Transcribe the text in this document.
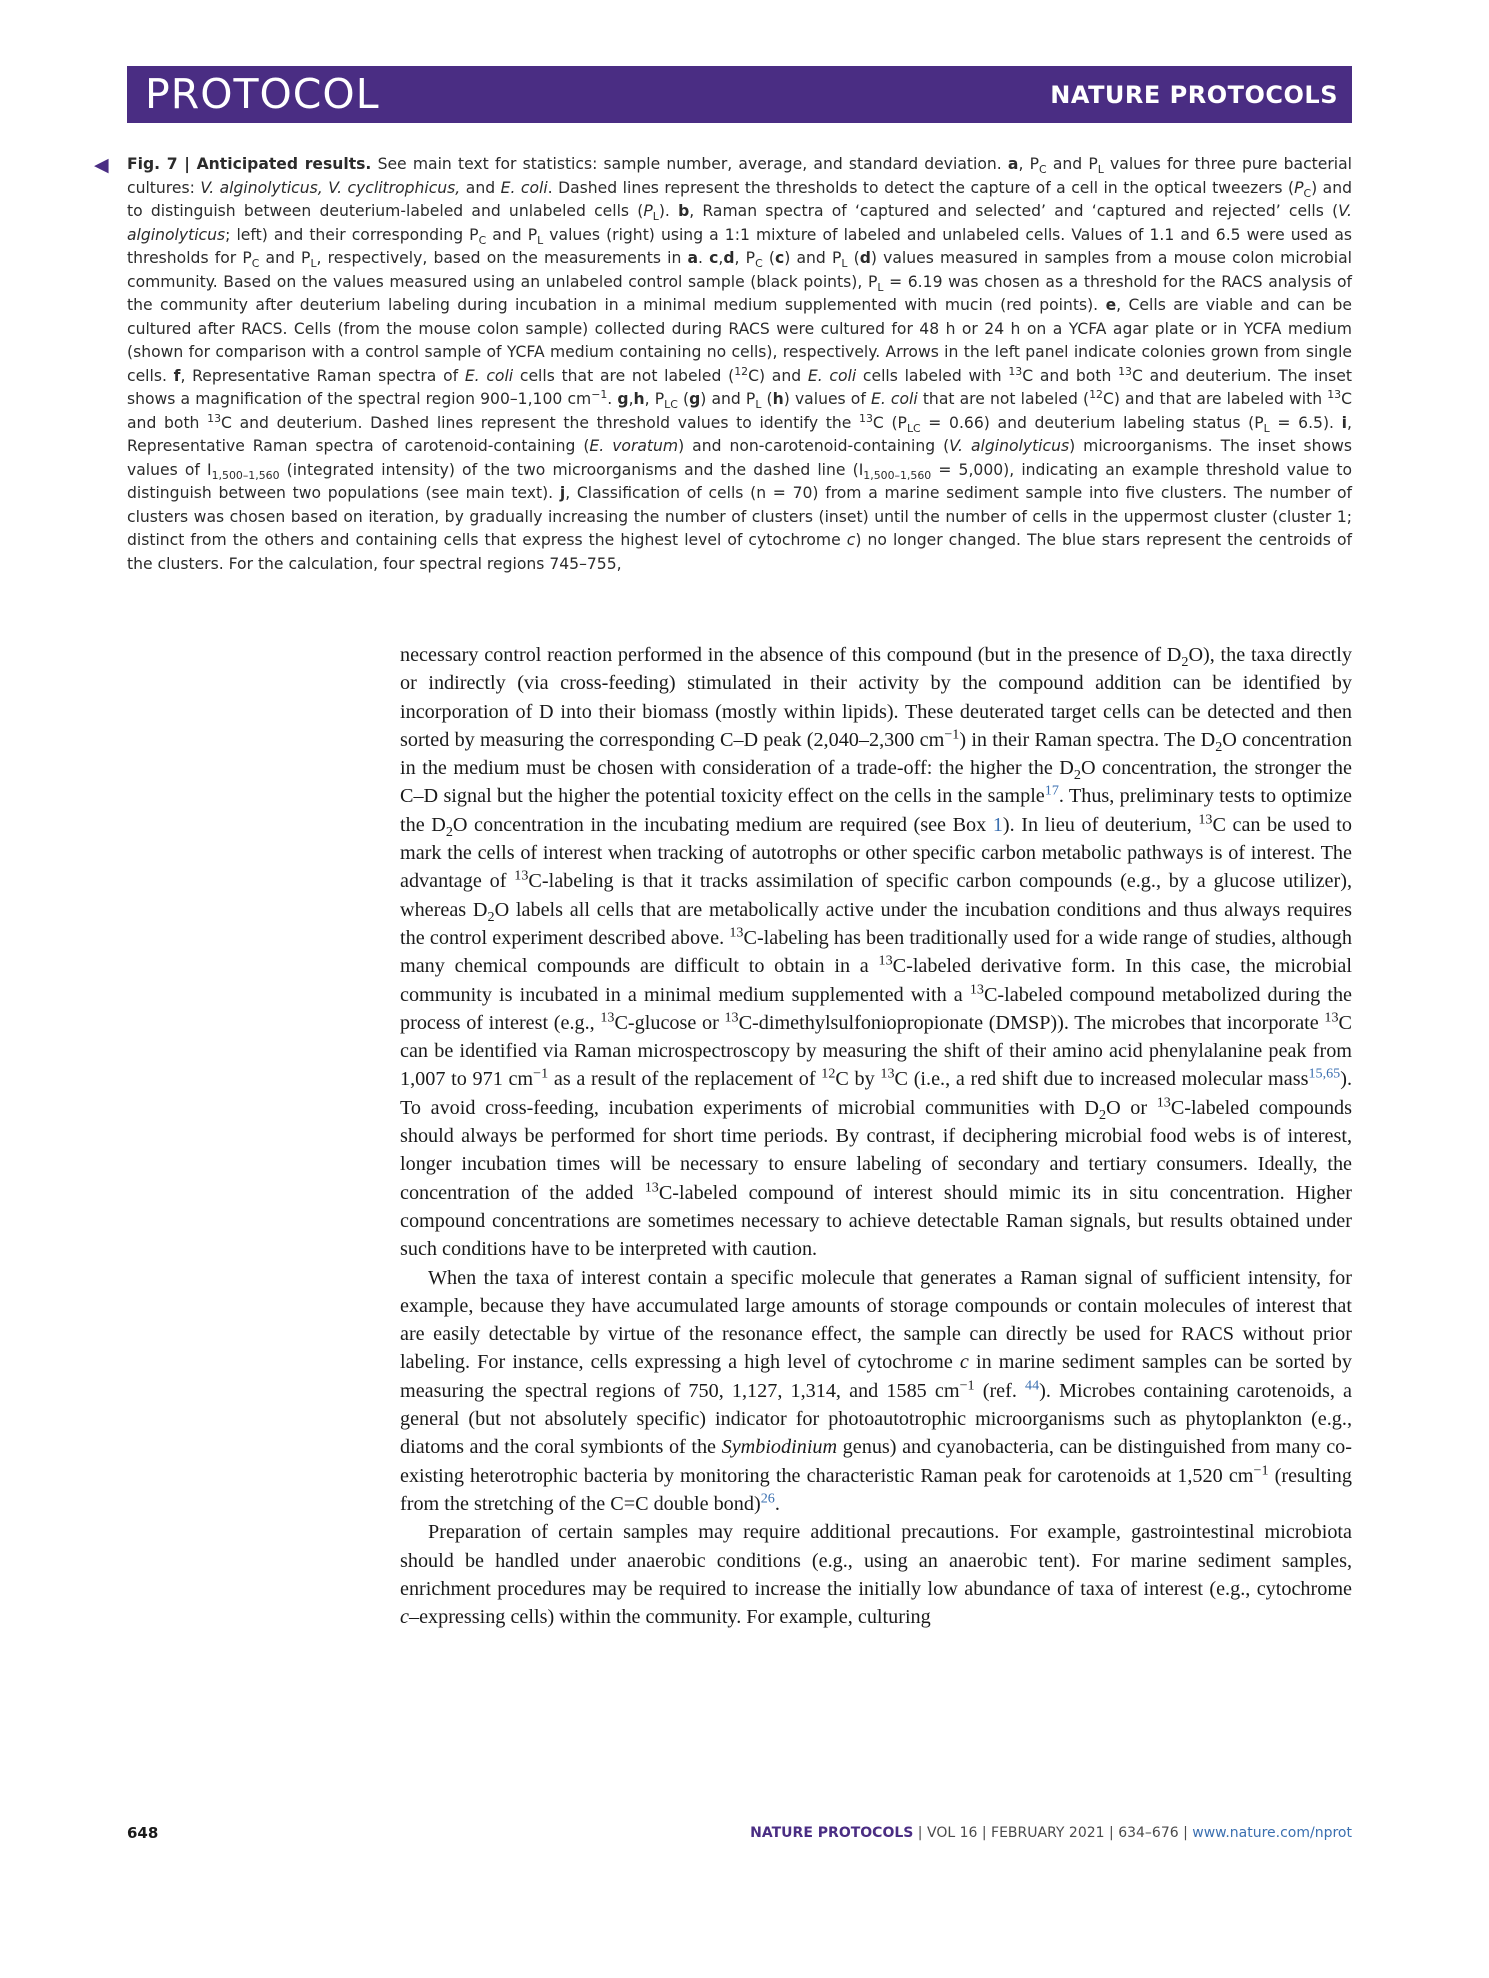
PROTOCOL	NATURE PROTOCOLS
◀ Fig. 7 | Anticipated results. See main text for statistics: sample number, average, and standard deviation. a, $P_C$ and $P_L$ values for three pure bacterial cultures: V. alginolyticus, V. cyclitrophicus, and E. coli. Dashed lines represent the thresholds to detect the capture of a cell in the optical tweezers $(P_C)$ and to distinguish between deuterium-labeled and unlabeled cells $(P_L)$. b, Raman spectra of ‘captured and selected’ and ‘captured and rejected’ cells (V. alginolyticus; left) and their corresponding $P_C$ and $P_L$ values (right) using a 1:1 mixture of labeled and unlabeled cells. Values of 1.1 and 6.5 were used as thresholds for $P_C$ and $P_L$, respectively, based on the measurements in a. c,d, $P_C$ (c) and $P_L$ (d) values measured in samples from a mouse colon microbial community. Based on the values measured using an unlabeled control sample (black points), $P_L = 6.19$ was chosen as a threshold for the RACS analysis of the community after deuterium labeling during incubation in a minimal medium supplemented with mucin (red points). e, Cells are viable and can be cultured after RACS. Cells (from the mouse colon sample) collected during RACS were cultured for 48 h or 24 h on a YCFA agar plate or in YCFA medium (shown for comparison with a control sample of YCFA medium containing no cells), respectively. Arrows in the left panel indicate colonies grown from single cells. f, Representative Raman spectra of E. coli cells that are not labeled ($^{12}$C) and E. coli cells labeled with $^{13}$C and both $^{13}$C and deuterium. The inset shows a magnification of the spectral region 900–1,100 $cm^{-1}$. g,h, $P_{LC}$ (g) and $P_L$ (h) values of E. coli that are not labeled ($^{12}$C) and that are labeled with $^{13}$C and both $^{13}$C and deuterium. Dashed lines represent the threshold values to identify the $^{13}$C $(P_{LC} = 0.66)$ and deuterium labeling status $(P_L = 6.5)$. i, Representative Raman spectra of carotenoid-containing (E. voratum) and non-carotenoid-containing (V. alginolyticus) microorganisms. The inset shows values of $I_{1,500-1,560}$ (integrated intensity) of the two microorganisms and the dashed line $(I_{1,500-1,560} = 5,000)$, indicating an example threshold value to distinguish between two populations (see main text). j, Classification of cells (n = 70) from a marine sediment sample into five clusters. The number of clusters was chosen based on iteration, by gradually increasing the number of clusters (inset) until the number of cells in the uppermost cluster (cluster 1; distinct from the others and containing cells that express the highest level of cytochrome c) no longer changed. The blue stars represent the centroids of the clusters. For the calculation, four spectral regions 745–755,

necessary control reaction performed in the absence of this compound (but in the presence of $D_2O$), the taxa directly or indirectly (via cross-feeding) stimulated in their activity by the compound addition can be identified by incorporation of D into their biomass (mostly within lipids). These deuterated target cells can be detected and then sorted by measuring the corresponding C–D peak (2,040–2,300 $cm^{-1}$) in their Raman spectra. The $D_2O$ concentration in the medium must be chosen with consideration of a trade-off: the higher the $D_2O$ concentration, the stronger the C–D signal but the higher the potential toxicity effect on the cells in the sample$^{17}$. Thus, preliminary tests to optimize the $D_2O$ concentration in the incubating medium are required (see Box 1). In lieu of deuterium, $^{13}$C can be used to mark the cells of interest when tracking of autotrophs or other specific carbon metabolic pathways is of interest. The advantage of $^{13}$C-labeling is that it tracks assimilation of specific carbon compounds (e.g., by a glucose utilizer), whereas $D_2O$ labels all cells that are metabolically active under the incubation conditions and thus always requires the control experiment described above. $^{13}$C-labeling has been traditionally used for a wide range of studies, although many chemical compounds are difficult to obtain in a $^{13}$C-labeled derivative form. In this case, the microbial community is incubated in a minimal medium supplemented with a $^{13}$C-labeled compound metabolized during the process of interest (e.g., $^{13}$C-glucose or $^{13}$C-dimethylsulfoniopropionate (DMSP)). The microbes that incorporate $^{13}$C can be identified via Raman microspectroscopy by measuring the shift of their amino acid phenylalanine peak from 1,007 to 971 $cm^{-1}$ as a result of the replacement of $^{12}$C by $^{13}$C (i.e., a red shift due to increased molecular mass$^{15,65}$). To avoid cross-feeding, incubation experiments of microbial communities with $D_2O$ or $^{13}$C-labeled compounds should always be performed for short time periods. By contrast, if deciphering microbial food webs is of interest, longer incubation times will be necessary to ensure labeling of secondary and tertiary consumers. Ideally, the concentration of the added $^{13}$C-labeled compound of interest should mimic its in situ concentration. Higher compound concentrations are sometimes necessary to achieve detectable Raman signals, but results obtained under such conditions have to be interpreted with caution.

When the taxa of interest contain a specific molecule that generates a Raman signal of sufficient intensity, for example, because they have accumulated large amounts of storage compounds or contain molecules of interest that are easily detectable by virtue of the resonance effect, the sample can directly be used for RACS without prior labeling. For instance, cells expressing a high level of cytochrome c in marine sediment samples can be sorted by measuring the spectral regions of 750, 1,127, 1,314, and 1585 $cm^{-1}$ (ref. $^{44}$). Microbes containing carotenoids, a general (but not absolutely specific) indicator for photoautotrophic microorganisms such as phytoplankton (e.g., diatoms and the coral symbionts of the Symbiodinium genus) and cyanobacteria, can be distinguished from many co-existing heterotrophic bacteria by monitoring the characteristic Raman peak for carotenoids at 1,520 $cm^{-1}$ (resulting from the stretching of the C=C double bond)$^{26}$.

Preparation of certain samples may require additional precautions. For example, gastrointestinal microbiota should be handled under anaerobic conditions (e.g., using an anaerobic tent). For marine sediment samples, enrichment procedures may be required to increase the initially low abundance of taxa of interest (e.g., cytochrome c–expressing cells) within the community. For example, culturing

648	NATURE PROTOCOLS | VOL 16 | FEBRUARY 2021 | 634–676 | www.nature.com/nprot
